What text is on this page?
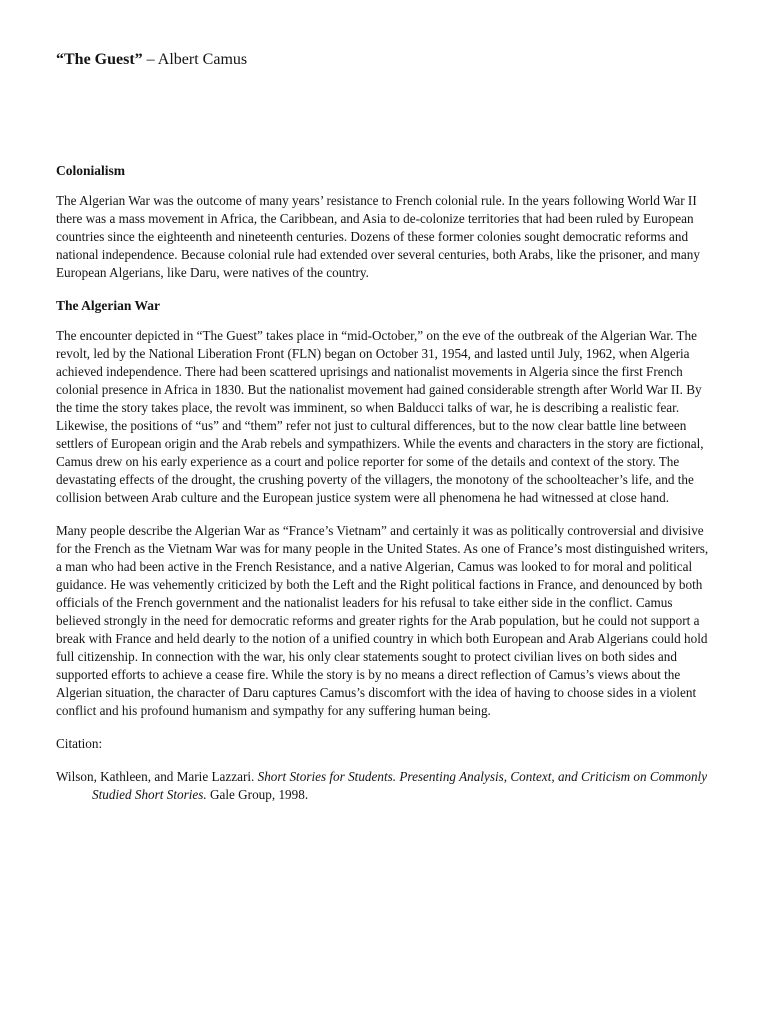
“The Guest” – Albert Camus
Colonialism

The Algerian War was the outcome of many years’ resistance to French colonial rule. In the years following World War II there was a mass movement in Africa, the Caribbean, and Asia to de-colonize territories that had been ruled by European countries since the eighteenth and nineteenth centuries. Dozens of these former colonies sought democratic reforms and national independence. Because colonial rule had extended over several centuries, both Arabs, like the prisoner, and many European Algerians, like Daru, were natives of the country.

The Algerian War

The encounter depicted in “The Guest” takes place in “mid-October,” on the eve of the outbreak of the Algerian War. The revolt, led by the National Liberation Front (FLN) began on October 31, 1954, and lasted until July, 1962, when Algeria achieved independence. There had been scattered uprisings and nationalist movements in Algeria since the first French colonial presence in Africa in 1830. But the nationalist movement had gained considerable strength after World War II. By the time the story takes place, the revolt was imminent, so when Balducci talks of war, he is describing a realistic fear. Likewise, the positions of “us” and “them” refer not just to cultural differences, but to the now clear battle line between settlers of European origin and the Arab rebels and sympathizers. While the events and characters in the story are fictional, Camus drew on his early experience as a court and police reporter for some of the details and context of the story. The devastating effects of the drought, the crushing poverty of the villagers, the monotony of the schoolteacher’s life, and the collision between Arab culture and the European justice system were all phenomena he had witnessed at close hand.

Many people describe the Algerian War as “France’s Vietnam” and certainly it was as politically controversial and divisive for the French as the Vietnam War was for many people in the United States. As one of France’s most distinguished writers, a man who had been active in the French Resistance, and a native Algerian, Camus was looked to for moral and political guidance. He was vehemently criticized by both the Left and the Right political factions in France, and denounced by both officials of the French government and the nationalist leaders for his refusal to take either side in the conflict. Camus believed strongly in the need for democratic reforms and greater rights for the Arab population, but he could not support a break with France and held dearly to the notion of a unified country in which both European and Arab Algerians could hold full citizenship. In connection with the war, his only clear statements sought to protect civilian lives on both sides and supported efforts to achieve a cease fire. While the story is by no means a direct reflection of Camus’s views about the Algerian situation, the character of Daru captures Camus’s discomfort with the idea of having to choose sides in a violent conflict and his profound humanism and sympathy for any suffering human being.

Citation:

Wilson, Kathleen, and Marie Lazzari. Short Stories for Students. Presenting Analysis, Context, and Criticism on Commonly Studied Short Stories. Gale Group, 1998.
